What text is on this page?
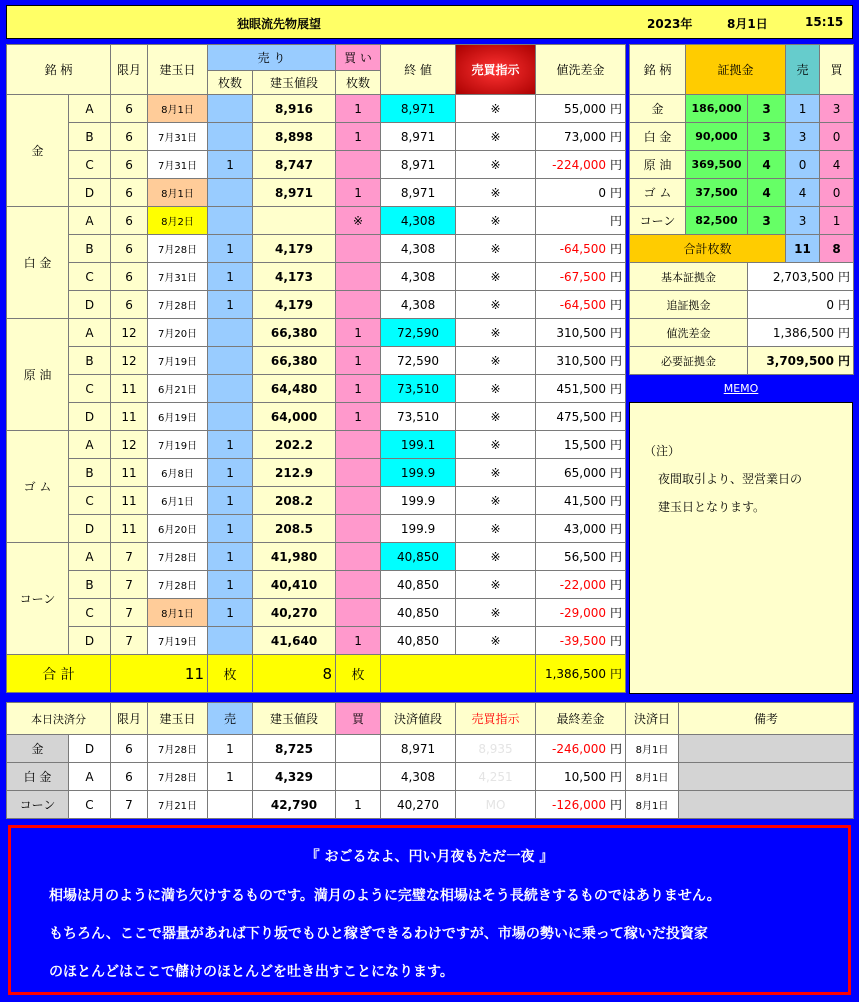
独眼流先物展望	2023年	8月1日	15:15
銘 柄		限月	建玉日	売 り		買 い	終 値	売買指示	値洗差金
				枚数	建玉値段	枚数			
金	A	6	8月1日		8,916	1	8,971	※	55,000 円
	B	6	7月31日		8,898	1	8,971	※	73,000 円
	C	6	7月31日	1	8,747		8,971	※	-224,000 円
	D	6	8月1日		8,971	1	8,971	※	0 円
白 金	A	6	8月2日			※	4,308	※	円
	B	6	7月28日	1	4,179		4,308	※	-64,500 円
	C	6	7月31日	1	4,173		4,308	※	-67,500 円
	D	6	7月28日	1	4,179		4,308	※	-64,500 円
原 油	A	12	7月20日		66,380	1	72,590	※	310,500 円
	B	12	7月19日		66,380	1	72,590	※	310,500 円
	C	11	6月21日		64,480	1	73,510	※	451,500 円
	D	11	6月19日		64,000	1	73,510	※	475,500 円
ゴ ム	A	12	7月19日	1	202.2		199.1	※	15,500 円
	B	11	6月8日	1	212.9		199.9	※	65,000 円
	C	11	6月1日	1	208.2		199.9	※	41,500 円
	D	11	6月20日	1	208.5		199.9	※	43,000 円
コーン	A	7	7月28日	1	41,980		40,850	※	56,500 円
	B	7	7月28日	1	40,410		40,850	※	-22,000 円
	C	7	8月1日	1	40,270		40,850	※	-29,000 円
	D	7	7月19日		41,640	1	40,850	※	-39,500 円
合 計		11		枚	8	枚			1,386,500 円
銘 柄	証拠金		売	買
金	186,000	3	1	3
白 金	90,000	3	3	0
原 油	369,500	4	0	4
ゴ ム	37,500	4	4	0
コーン	82,500	3	3	1
合計枚数			11	8
基本証拠金		2,703,500 円		
追証拠金		0 円		
値洗差金		1,386,500 円		
必要証拠金		3,709,500 円		
MEMO
（注）
夜間取引より、翌営業日の
建玉日となります。
本日決済分		限月	建玉日	売	建玉値段	買	決済値段	売買指示	最終差金	決済日	備考
金	D	6	7月28日	1	8,725		8,971	8,935	-246,000 円	8月1日	
白 金	A	6	7月28日	1	4,329		4,308	4,251	10,500 円	8月1日	
コーン	C	7	7月21日		42,790	1	40,270	MO	-126,000 円	8月1日	
『 おごるなよ、円い月夜もただ一夜 』
相場は月のように満ち欠けするものです。満月のように完璧な相場はそう長続きするものではありません。
もちろん、ここで器量があれば下り坂でもひと稼ぎできるわけですが、市場の勢いに乗って稼いだ投資家
のほとんどはここで儲けのほとんどを吐き出すことになります。
